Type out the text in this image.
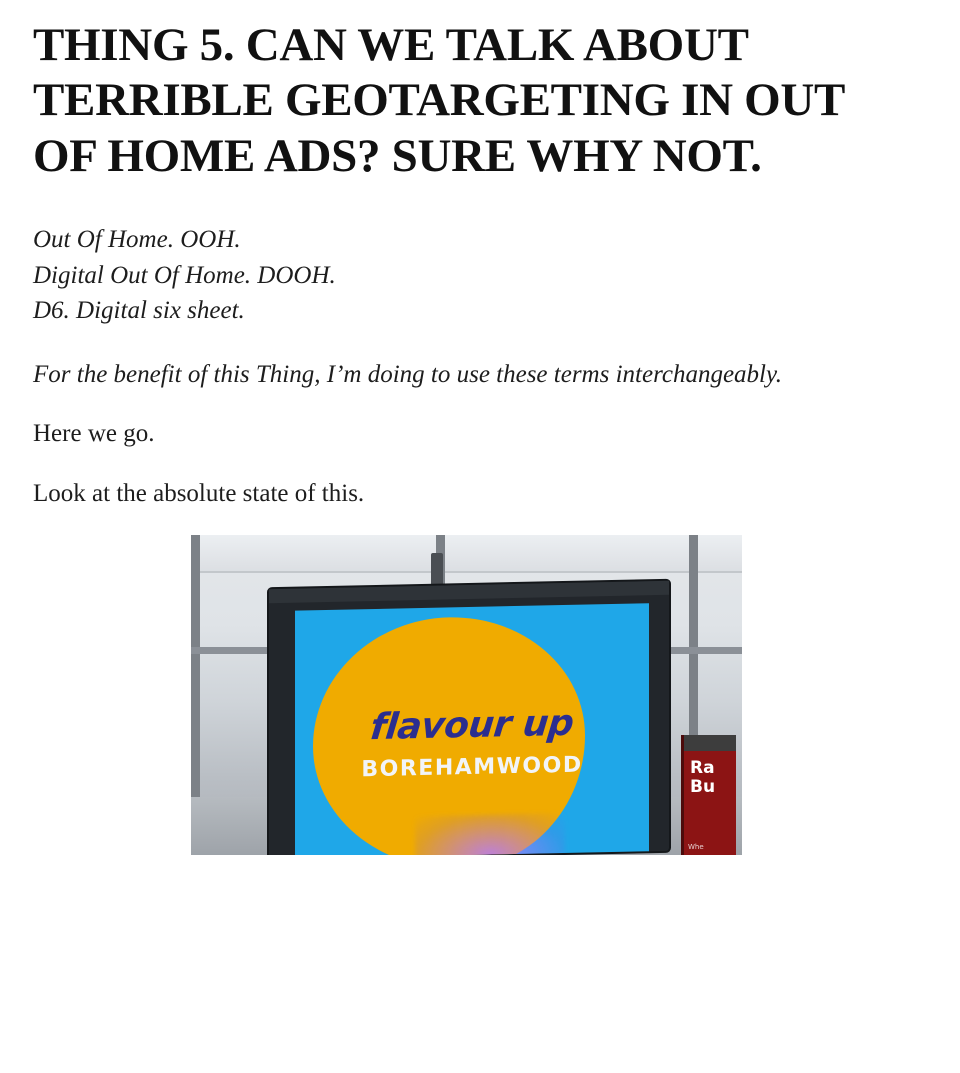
THING 5. CAN WE TALK ABOUT TERRIBLE GEOTARGETING IN OUT OF HOME ADS? SURE WHY NOT.

Out Of Home. OOH.

Digital Out Of Home. DOOH.

D6. Digital six sheet.

For the benefit of this Thing, I’m doing to use these terms interchangeably.

Here we go.

Look at the absolute state of this.

flavour up
BOREHAMWOOD	Ra
Bu
Whe
